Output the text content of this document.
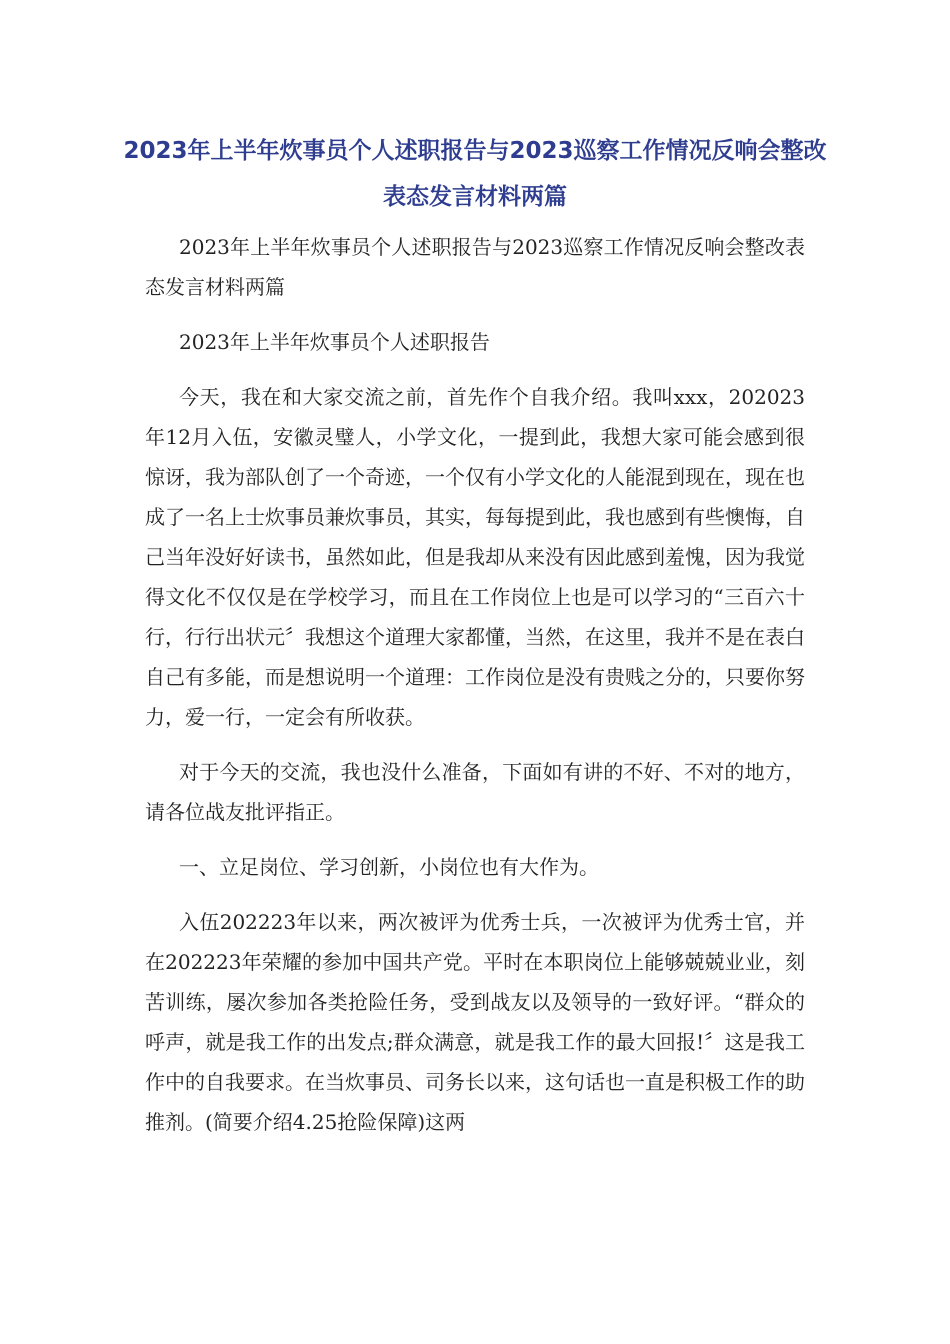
2023年上半年炊事员个人述职报告与2023巡察工作情况反响会整改表态发言材料两篇

2023年上半年炊事员个人述职报告与2023巡察工作情况反响会整改表态发言材料两篇

2023年上半年炊事员个人述职报告

今天，我在和大家交流之前，首先作个自我介绍。我叫xxx，202023年12月入伍，安徽灵璧人，小学文化，一提到此，我想大家可能会感到很惊讶，我为部队创了一个奇迹，一个仅有小学文化的人能混到现在，现在也成了一名上士炊事员兼炊事员，其实，每每提到此，我也感到有些懊悔，自己当年没好好读书，虽然如此，但是我却从来没有因此感到羞愧，因为我觉得文化不仅仅是在学校学习，而且在工作岗位上也是可以学习的“三百六十行，行行出状元〞我想这个道理大家都懂，当然，在这里，我并不是在表白自己有多能，而是想说明一个道理：工作岗位是没有贵贱之分的，只要你努力，爱一行，一定会有所收获。

对于今天的交流，我也没什么准备，下面如有讲的不好、不对的地方，请各位战友批评指正。

一、立足岗位、学习创新，小岗位也有大作为。

入伍202223年以来，两次被评为优秀士兵，一次被评为优秀士官，并在202223年荣耀的参加中国共产党。平时在本职岗位上能够兢兢业业，刻苦训练，屡次参加各类抢险任务，受到战友以及领导的一致好评。“群众的呼声，就是我工作的出发点;群众满意，就是我工作的最大回报!〞这是我工作中的自我要求。在当炊事员、司务长以来，这句话也一直是积极工作的助推剂。(简要介绍4.25抢险保障)这两
